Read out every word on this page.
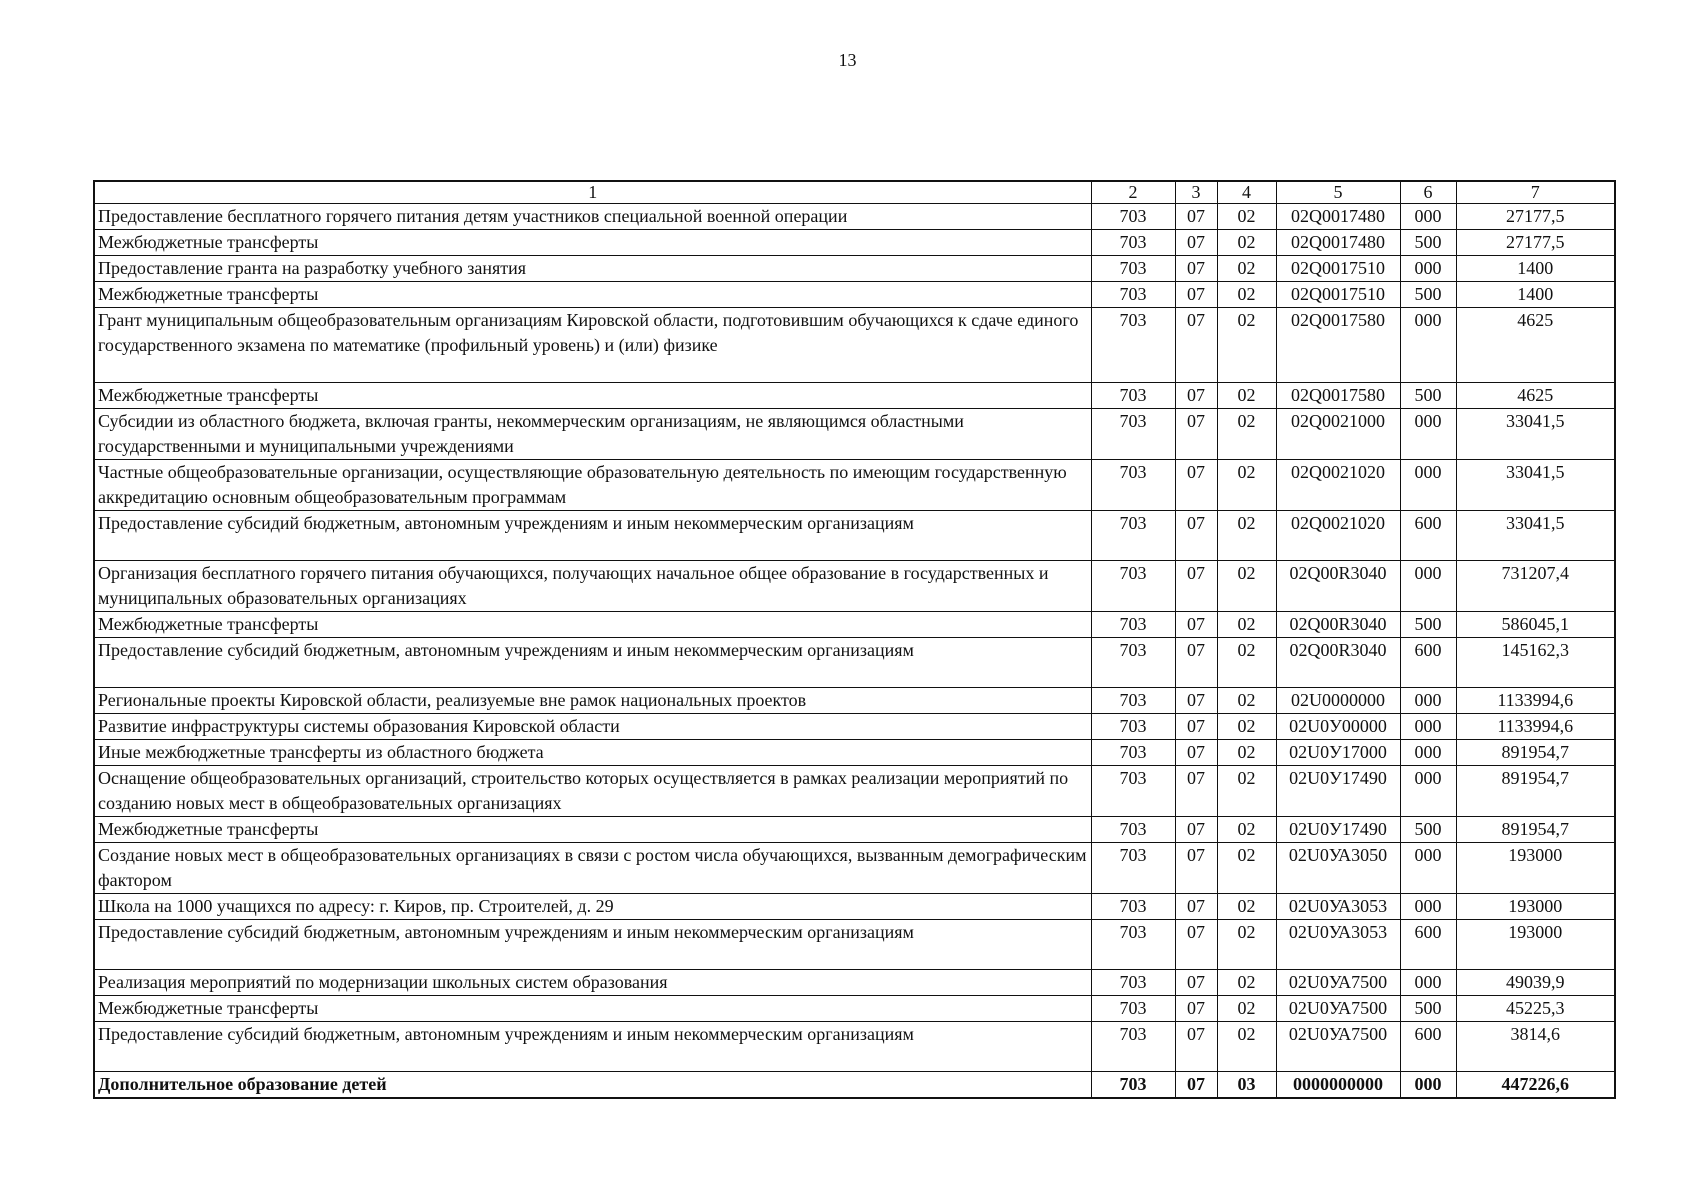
13
1	2	3	4	5	6	7
Предоставление бесплатного горячего питания детям участников специальной военной операции	703	07	02	02Q0017480	000	27177,5
Межбюджетные трансферты	703	07	02	02Q0017480	500	27177,5
Предоставление гранта на разработку учебного занятия	703	07	02	02Q0017510	000	1400
Межбюджетные трансферты	703	07	02	02Q0017510	500	1400
Грант муниципальным общеобразовательным организациям Кировской области, подготовившим обучающихся к сдаче единого государственного экзамена по математике (профильный уровень) и (или) физике	703	07	02	02Q0017580	000	4625
Межбюджетные трансферты	703	07	02	02Q0017580	500	4625
Субсидии из областного бюджета, включая гранты, некоммерческим организациям, не являющимся областными государственными и муниципальными учреждениями	703	07	02	02Q0021000	000	33041,5
Частные общеобразовательные организации, осуществляющие образовательную деятельность по имеющим государственную аккредитацию основным общеобразовательным программам	703	07	02	02Q0021020	000	33041,5
Предоставление субсидий бюджетным, автономным учреждениям и иным некоммерческим организациям	703	07	02	02Q0021020	600	33041,5
Организация бесплатного горячего питания обучающихся, получающих начальное общее образование в государственных и муниципальных образовательных организациях	703	07	02	02Q00R3040	000	731207,4
Межбюджетные трансферты	703	07	02	02Q00R3040	500	586045,1
Предоставление субсидий бюджетным, автономным учреждениям и иным некоммерческим организациям	703	07	02	02Q00R3040	600	145162,3
Региональные проекты Кировской области, реализуемые вне рамок национальных проектов	703	07	02	02U0000000	000	1133994,6
Развитие инфраструктуры системы образования Кировской области	703	07	02	02U0У00000	000	1133994,6
Иные межбюджетные трансферты из областного бюджета	703	07	02	02U0У17000	000	891954,7
Оснащение общеобразовательных организаций, строительство которых осуществляется в рамках реализации мероприятий по созданию новых мест в общеобразовательных организациях	703	07	02	02U0У17490	000	891954,7
Межбюджетные трансферты	703	07	02	02U0У17490	500	891954,7
Создание новых мест в общеобразовательных организациях в связи с ростом числа обучающихся, вызванным демографическим фактором	703	07	02	02U0УА3050	000	193000
Школа на 1000 учащихся по адресу: г. Киров, пр. Строителей, д. 29	703	07	02	02U0УА3053	000	193000
Предоставление субсидий бюджетным, автономным учреждениям и иным некоммерческим организациям	703	07	02	02U0УА3053	600	193000
Реализация мероприятий по модернизации школьных систем образования	703	07	02	02U0УА7500	000	49039,9
Межбюджетные трансферты	703	07	02	02U0УА7500	500	45225,3
Предоставление субсидий бюджетным, автономным учреждениям и иным некоммерческим организациям	703	07	02	02U0УА7500	600	3814,6
Дополнительное образование детей	703	07	03	0000000000	000	447226,6
